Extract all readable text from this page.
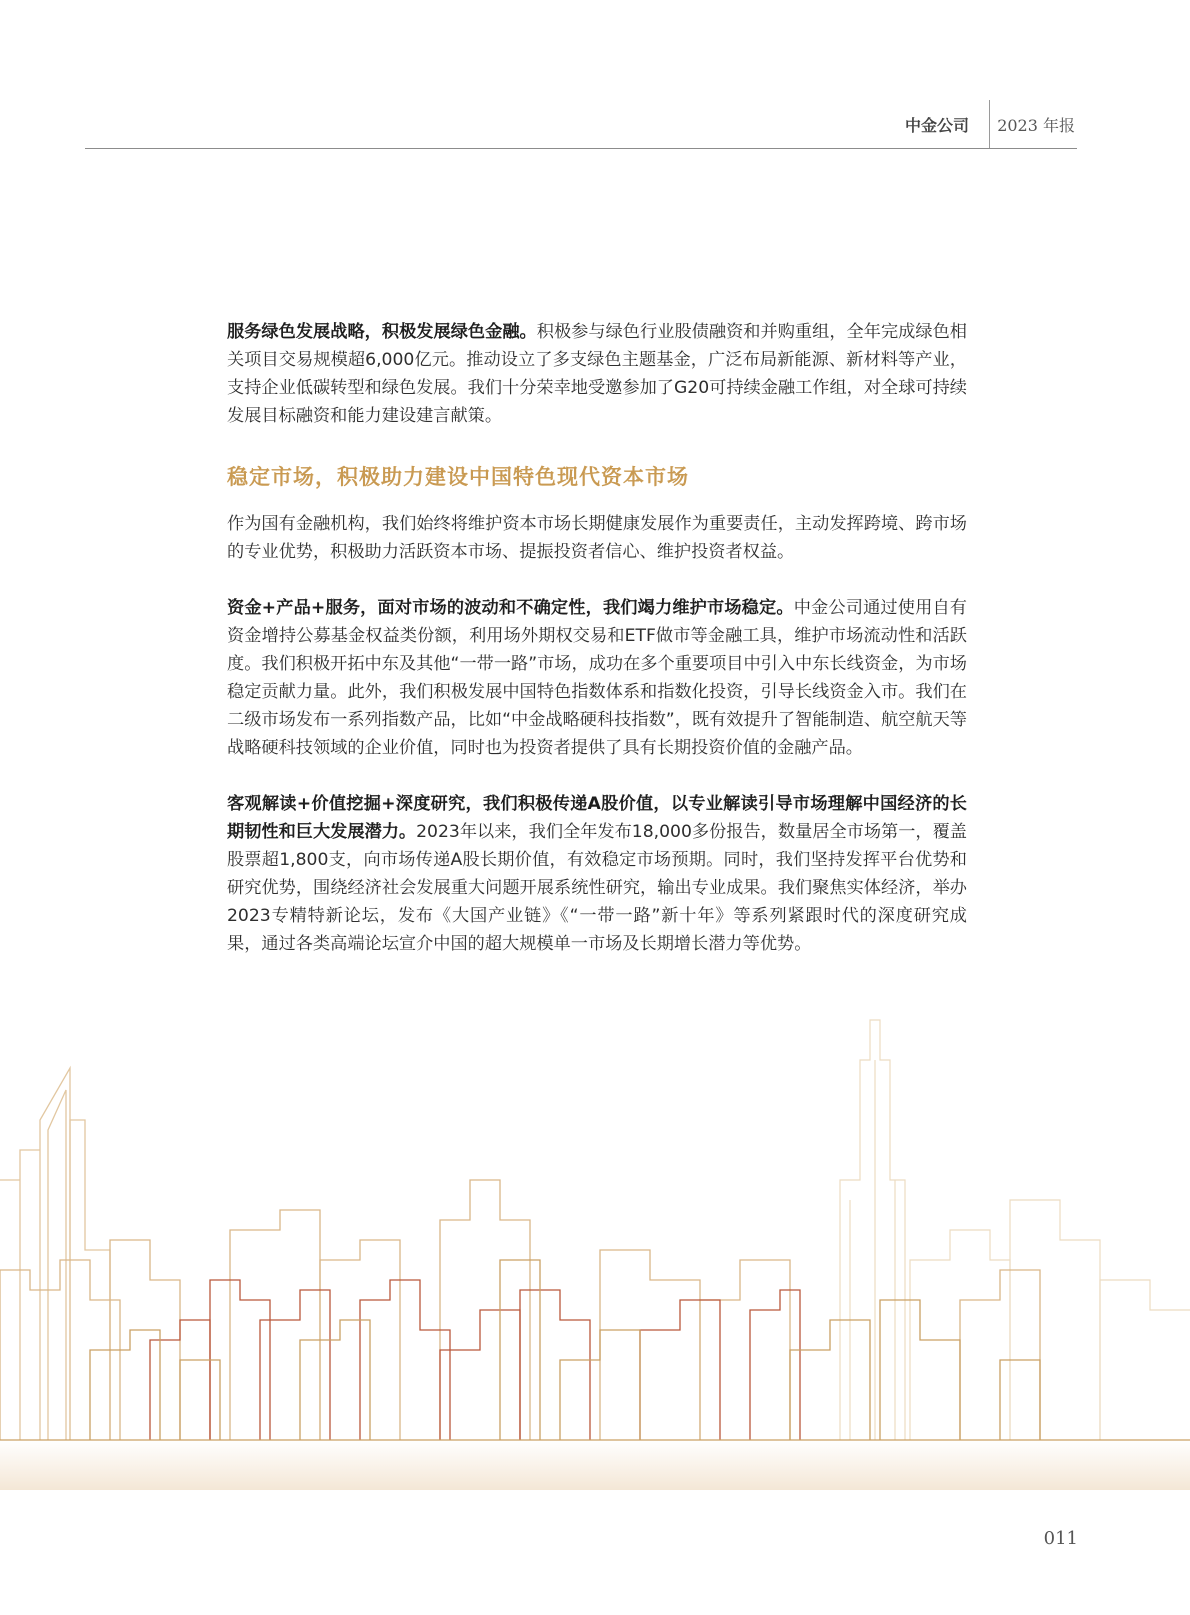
中金公司 2023 年报

服务绿色发展战略，积极发展绿色金融。积极参与绿色行业股债融资和并购重组，全年完成绿色相关项目交易规模超6,000亿元。推动设立了多支绿色主题基金，广泛布局新能源、新材料等产业，支持企业低碳转型和绿色发展。我们十分荣幸地受邀参加了G20可持续金融工作组，对全球可持续发展目标融资和能力建设建言献策。

稳定市场，积极助力建设中国特色现代资本市场

作为国有金融机构，我们始终将维护资本市场长期健康发展作为重要责任，主动发挥跨境、跨市场的专业优势，积极助力活跃资本市场、提振投资者信心、维护投资者权益。

资金+产品+服务，面对市场的波动和不确定性，我们竭力维护市场稳定。中金公司通过使用自有资金增持公募基金权益类份额，利用场外期权交易和ETF做市等金融工具，维护市场流动性和活跃度。我们积极开拓中东及其他“一带一路”市场，成功在多个重要项目中引入中东长线资金，为市场稳定贡献力量。此外，我们积极发展中国特色指数体系和指数化投资，引导长线资金入市。我们在二级市场发布一系列指数产品，比如“中金战略硬科技指数”，既有效提升了智能制造、航空航天等战略硬科技领域的企业价值，同时也为投资者提供了具有长期投资价值的金融产品。

客观解读+价值挖掘+深度研究，我们积极传递A股价值，以专业解读引导市场理解中国经济的长期韧性和巨大发展潜力。2023年以来，我们全年发布18,000多份报告，数量居全市场第一，覆盖股票超1,800支，向市场传递A股长期价值，有效稳定市场预期。同时，我们坚持发挥平台优势和研究优势，围绕经济社会发展重大问题开展系统性研究，输出专业成果。我们聚焦实体经济，举办2023专精特新论坛，发布《大国产业链》《“一带一路”新十年》等系列紧跟时代的深度研究成果，通过各类高端论坛宣介中国的超大规模单一市场及长期增长潜力等优势。

011
